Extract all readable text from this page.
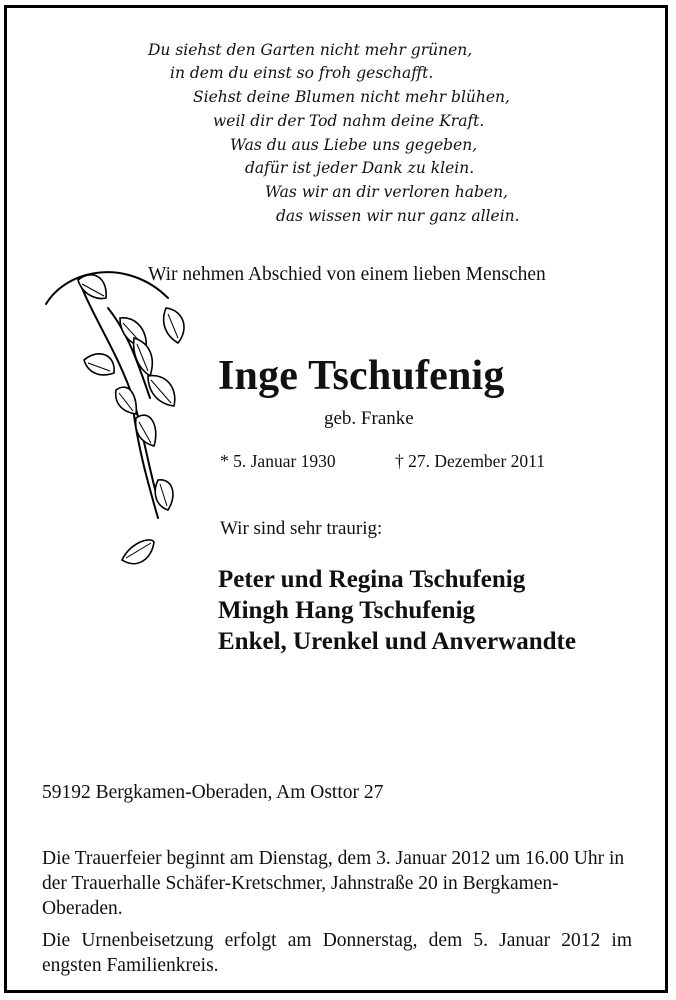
Du siehst den Garten nicht mehr grünen,
in dem du einst so froh geschafft.
Siehst deine Blumen nicht mehr blühen,
weil dir der Tod nahm deine Kraft.
Was du aus Liebe uns gegeben,
dafür ist jeder Dank zu klein.
Was wir an dir verloren haben,
das wissen wir nur ganz allein.
Wir nehmen Abschied von einem lieben Menschen
Inge Tschufenig
geb. Franke
* 5. Januar 1930	† 27. Dezember 2011
Wir sind sehr traurig:
Peter und Regina Tschufenig
Mingh Hang Tschufenig
Enkel, Urenkel und Anverwandte
59192 Bergkamen-Oberaden, Am Osttor 27
Die Trauerfeier beginnt am Dienstag, dem 3. Januar 2012 um 16.00 Uhr in der Trauerhalle Schäfer-Kretschmer, Jahnstraße 20 in Bergkamen-Oberaden.
Die Urnenbeisetzung erfolgt am Donnerstag, dem 5. Januar 2012 im engsten Familienkreis.
